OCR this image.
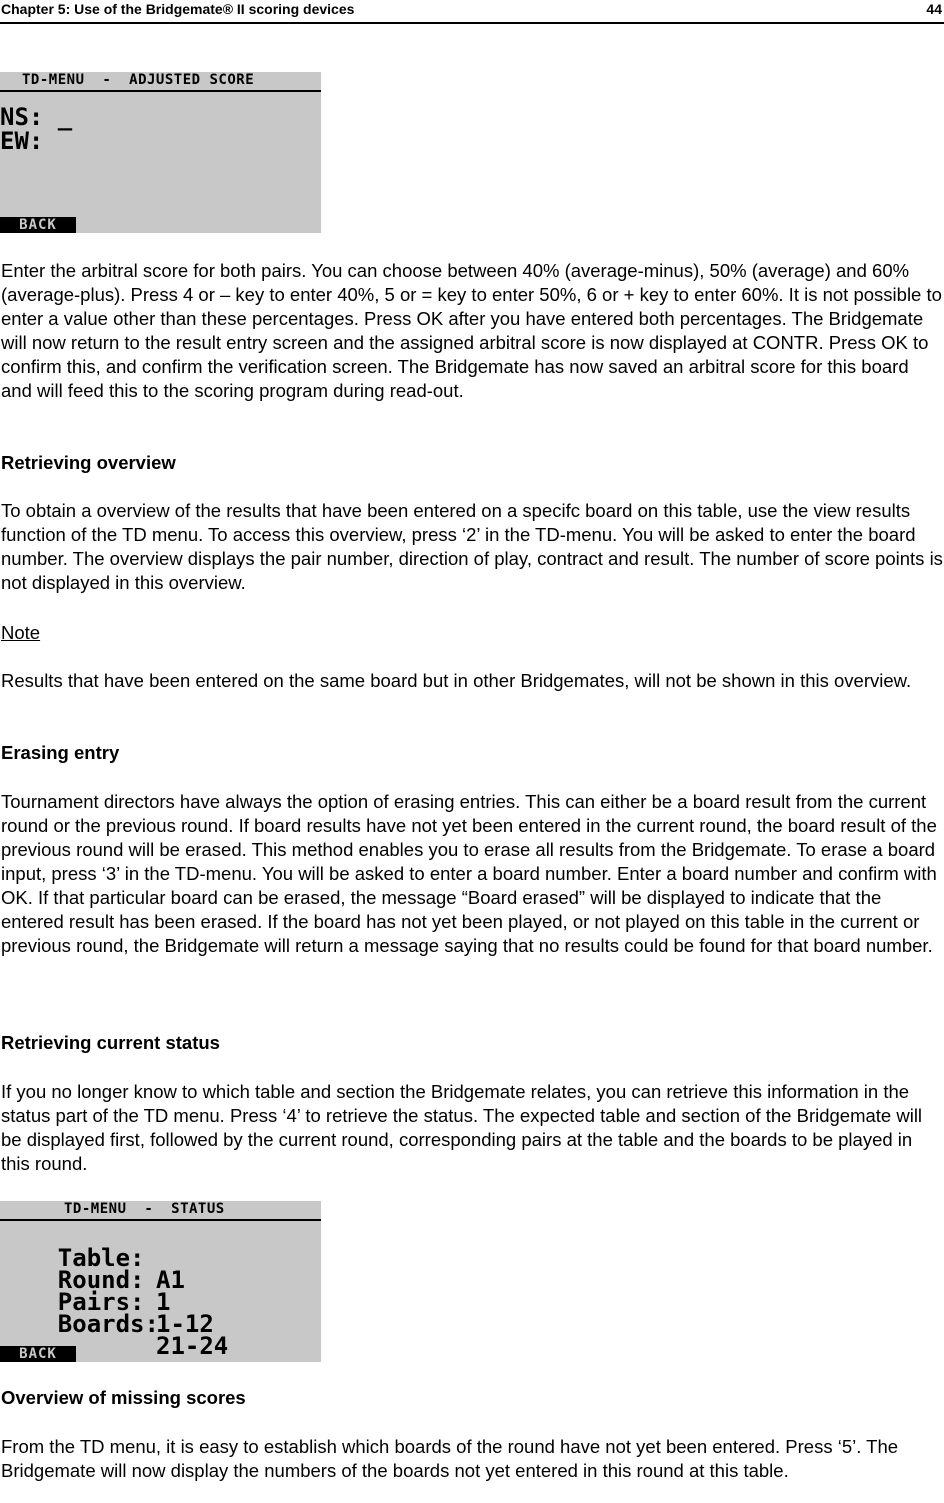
Chapter 5: Use of the Bridgemate® II scoring devices	44
TD-MENU  -  ADJUSTED SCORE
NS: _
EW:
BACK

Enter the arbitral score for both pairs. You can choose between 40% (average-minus), 50% (average) and 60% (average-plus). Press 4 or – key to enter 40%, 5 or = key to enter 50%, 6 or + key to enter 60%. It is not possible to enter a value other than these percentages. Press OK after you have entered both percentages. The Bridgemate will now return to the result entry screen and the assigned arbitral score is now displayed at CONTR. Press OK to confirm this, and confirm the verification screen. The Bridgemate has now saved an arbitral score for this board and will feed this to the scoring program during read-out.

Retrieving overview

To obtain a overview of the results that have been entered on a specifc board on this table, use the view results function of the TD menu. To access this overview, press ‘2’ in the TD-menu. You will be asked to enter the board number. The overview displays the pair number, direction of play, contract and result. The number of score points is not displayed in this overview.

Note

Results that have been entered on the same board but in other Bridgemates, will not be shown in this overview.

Erasing entry

Tournament directors have always the option of erasing entries. This can either be a board result from the current round or the previous round. If board results have not yet been entered in the current round, the board result of the previous round will be erased. This method enables you to erase all results from the Bridgemate. To erase a board input, press ‘3’ in the TD-menu. You will be asked to enter a board number. Enter a board number and confirm with OK. If that particular board can be erased, the message “Board erased” will be displayed to indicate that the entered result has been erased. If the board has not yet been played, or not played on this table in the current or previous round, the Bridgemate will return a message saying that no results could be found for that board number.

Retrieving current status

If you no longer know to which table and section the Bridgemate relates, you can retrieve this information in the status part of the TD menu. Press ‘4’ to retrieve the status. The expected table and section of the Bridgemate will be displayed first, followed by the current round, corresponding pairs at the table and the boards to be played in this round.

TD-MENU  -  STATUS

Table:

A1

Round:

1

Pairs:

1-12

Boards:

21-24

BACK

Overview of missing scores

From the TD menu, it is easy to establish which boards of the round have not yet been entered. Press ‘5’. The Bridgemate will now display the numbers of the boards not yet entered in this round at this table.
